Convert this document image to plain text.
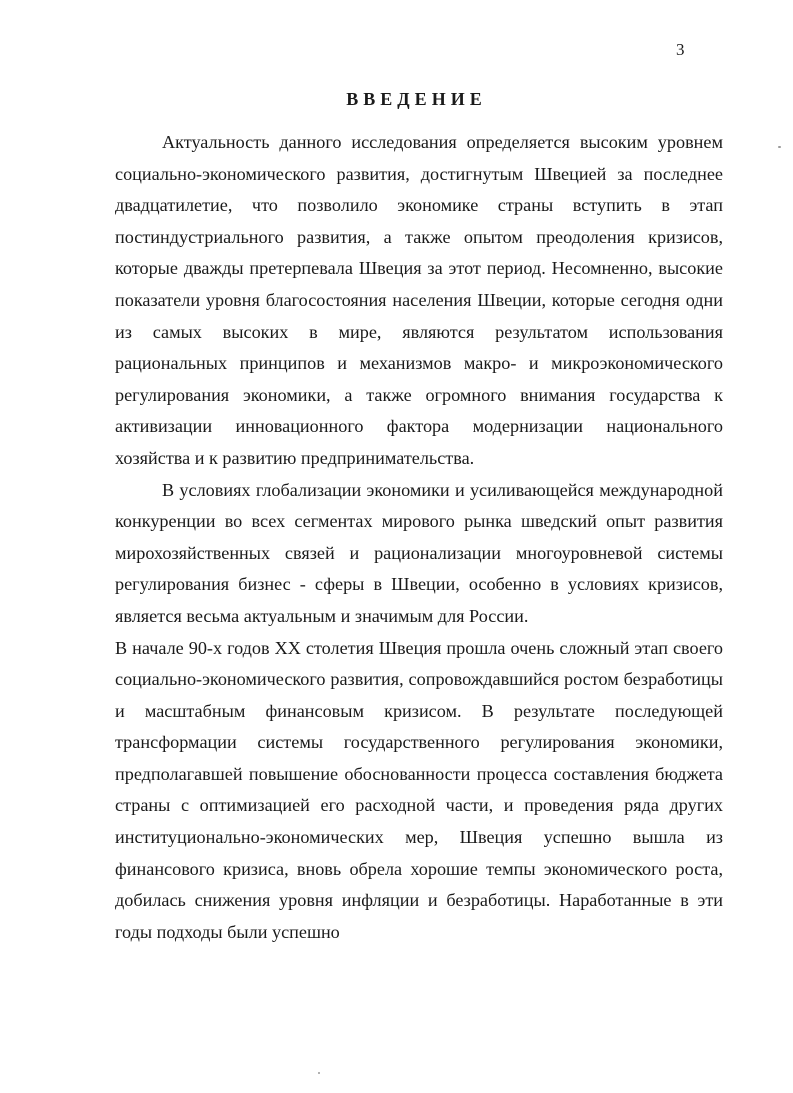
3
ВВЕДЕНИЕ

Актуальность данного исследования определяется высоким уровнем социально-экономического развития, достигнутым Швецией за последнее двадцатилетие, что позволило экономике страны вступить в этап постиндустриального развития, а также опытом преодоления кризисов, которые дважды претерпевала Швеция за этот период. Несомненно, высокие показатели уровня благосостояния населения Швеции, которые сегодня одни из самых высоких в мире, являются результатом использования рациональных принципов и механизмов макро- и микроэкономического регулирования экономики, а также огромного внимания государства к активизации инновационного фактора модернизации национального хозяйства и к развитию предпринимательства.

В условиях глобализации экономики и усиливающейся международной конкуренции во всех сегментах мирового рынка шведский опыт развития мирохозяйственных связей и рационализации многоуровневой системы регулирования бизнес - сферы в Швеции, особенно в условиях кризисов, является весьма актуальным и значимым для России.

В начале 90-х годов XX столетия Швеция прошла очень сложный этап своего социально-экономического развития, сопровождавшийся ростом безработицы и масштабным финансовым кризисом. В результате последующей трансформации системы государственного регулирования экономики, предполагавшей повышение обоснованности процесса составления бюджета страны с оптимизацией его расходной части, и проведения ряда других институционально-экономических мер, Швеция успешно вышла из финансового кризиса, вновь обрела хорошие темпы экономического роста, добилась снижения уровня инфляции и безработицы. Наработанные в эти годы подходы были успешно
